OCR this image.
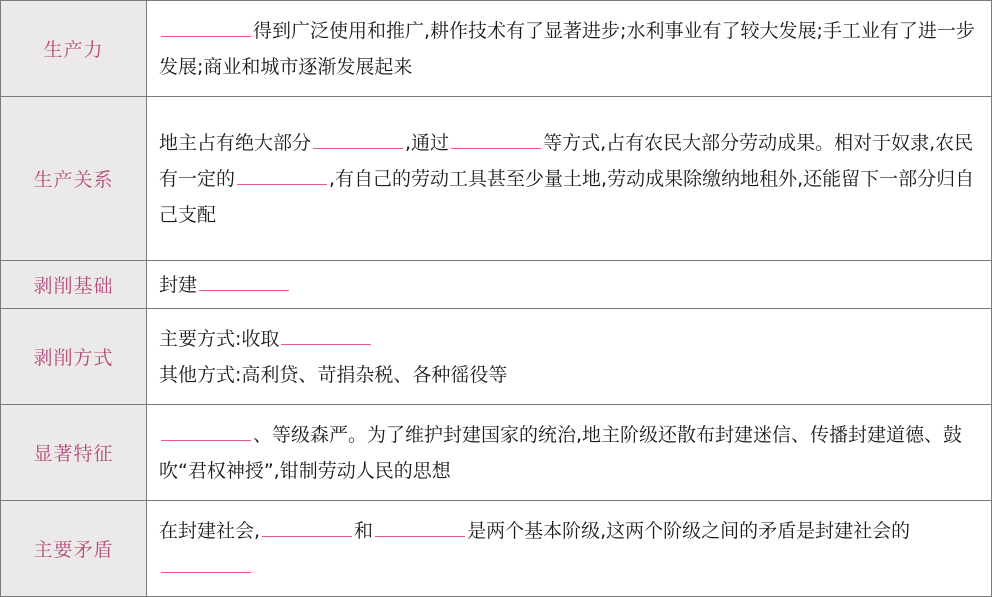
生产力	得到广泛使用和推广,耕作技术有了显著进步;水利事业有了较大发展;手工业有了进一步发展;商业和城市逐渐发展起来
生产关系	地主占有绝大部分 ,通过 等方式,占有农民大部分劳动成果。相对于奴隶,农民有一定的 ,有自己的劳动工具甚至少量土地,劳动成果除缴纳地租外,还能留下一部分归自己支配
剥削基础	封建
剥削方式	主要方式:收取
其他方式:高利贷、苛捐杂税、各种徭役等
显著特征	、等级森严。为了维护封建国家的统治,地主阶级还散布封建迷信、传播封建道德、鼓吹“君权神授”,钳制劳动人民的思想
主要矛盾	在封建社会, 和 是两个基本阶级,这两个阶级之间的矛盾是封建社会的
